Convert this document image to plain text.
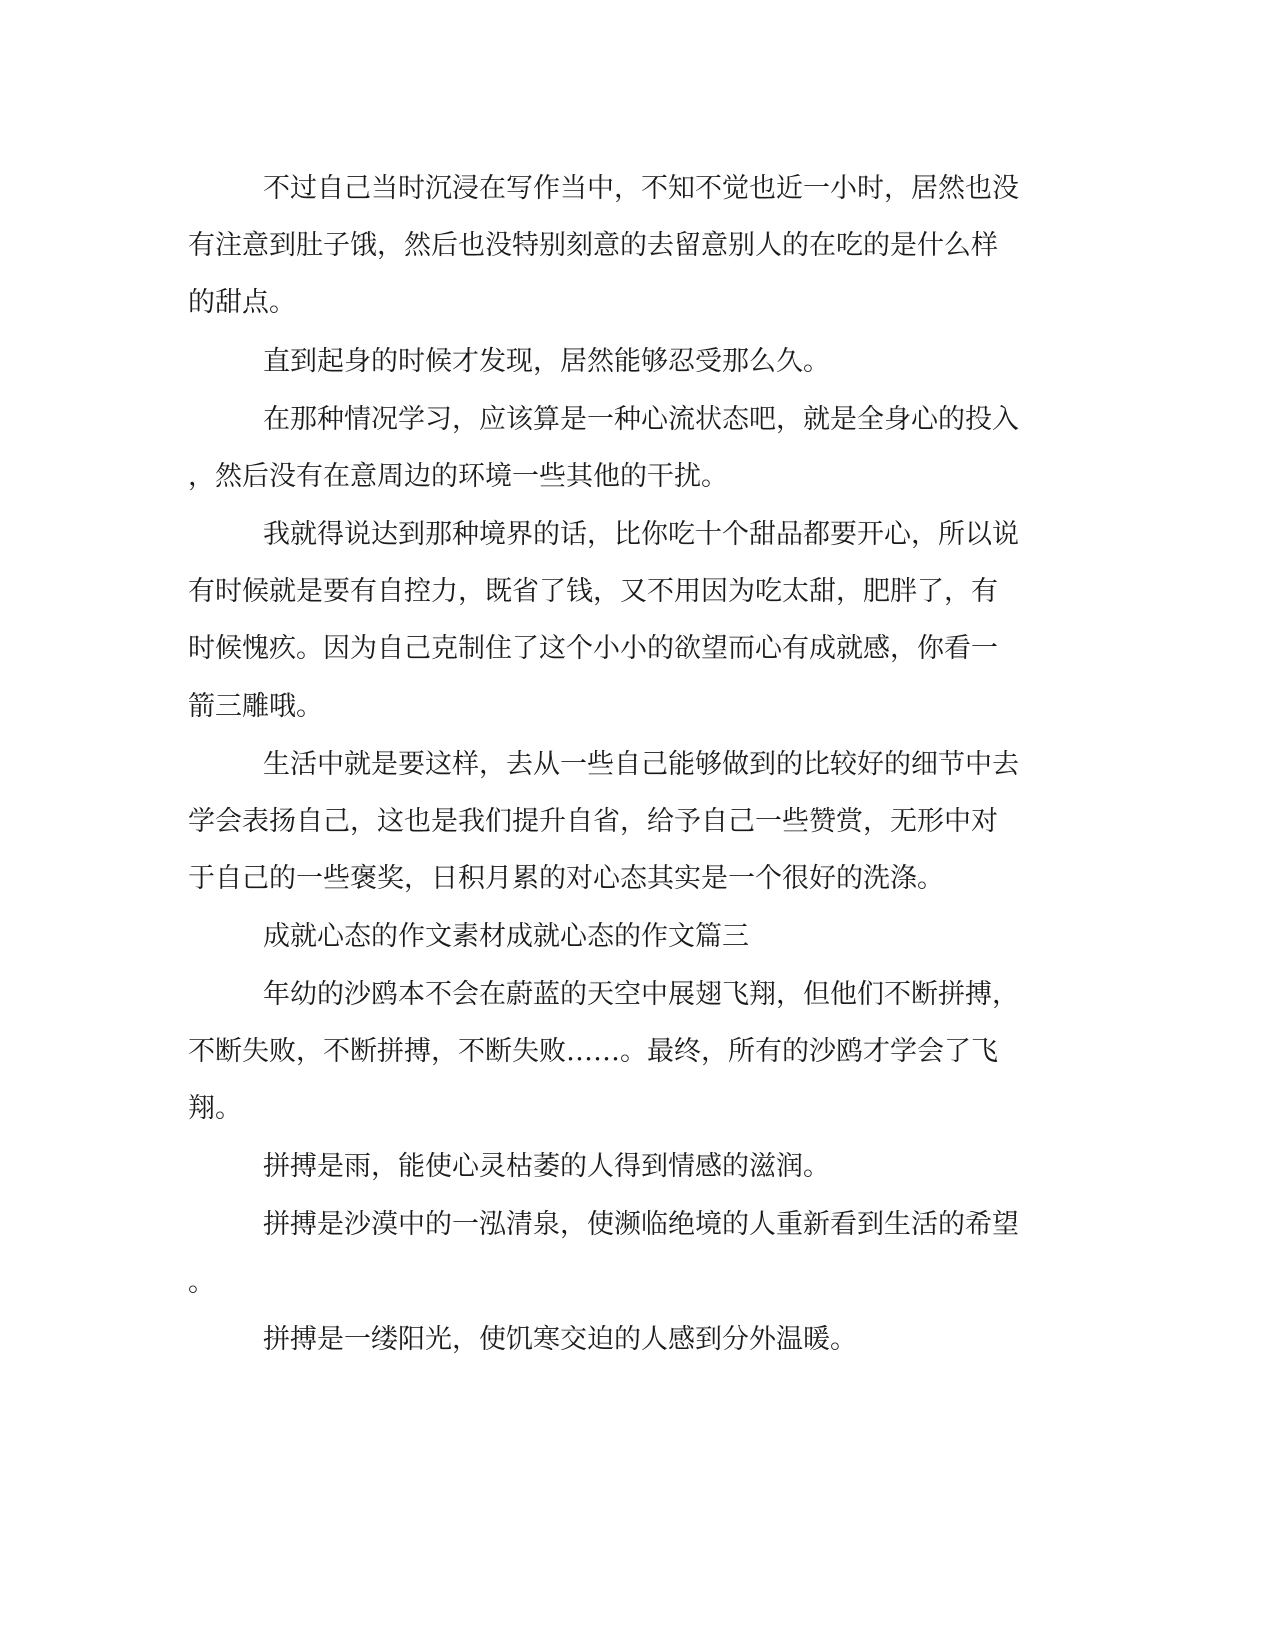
不过自己当时沉浸在写作当中，不知不觉也近一小时，居然也没
有注意到肚子饿，然后也没特别刻意的去留意别人的在吃的是什么样
的甜点。
直到起身的时候才发现，居然能够忍受那么久。
在那种情况学习，应该算是一种心流状态吧，就是全身心的投入
，然后没有在意周边的环境一些其他的干扰。
我就得说达到那种境界的话，比你吃十个甜品都要开心，所以说
有时候就是要有自控力，既省了钱，又不用因为吃太甜，肥胖了，有
时候愧疚。因为自己克制住了这个小小的欲望而心有成就感，你看一
箭三雕哦。
生活中就是要这样，去从一些自己能够做到的比较好的细节中去
学会表扬自己，这也是我们提升自省，给予自己一些赞赏，无形中对
于自己的一些褒奖，日积月累的对心态其实是一个很好的洗涤。
成就心态的作文素材成就心态的作文篇三
年幼的沙鸥本不会在蔚蓝的天空中展翅飞翔，但他们不断拼搏，
不断失败，不断拼搏，不断失败……。最终，所有的沙鸥才学会了飞
翔。
拼搏是雨，能使心灵枯萎的人得到情感的滋润。
拼搏是沙漠中的一泓清泉，使濒临绝境的人重新看到生活的希望
。
拼搏是一缕阳光，使饥寒交迫的人感到分外温暖。
